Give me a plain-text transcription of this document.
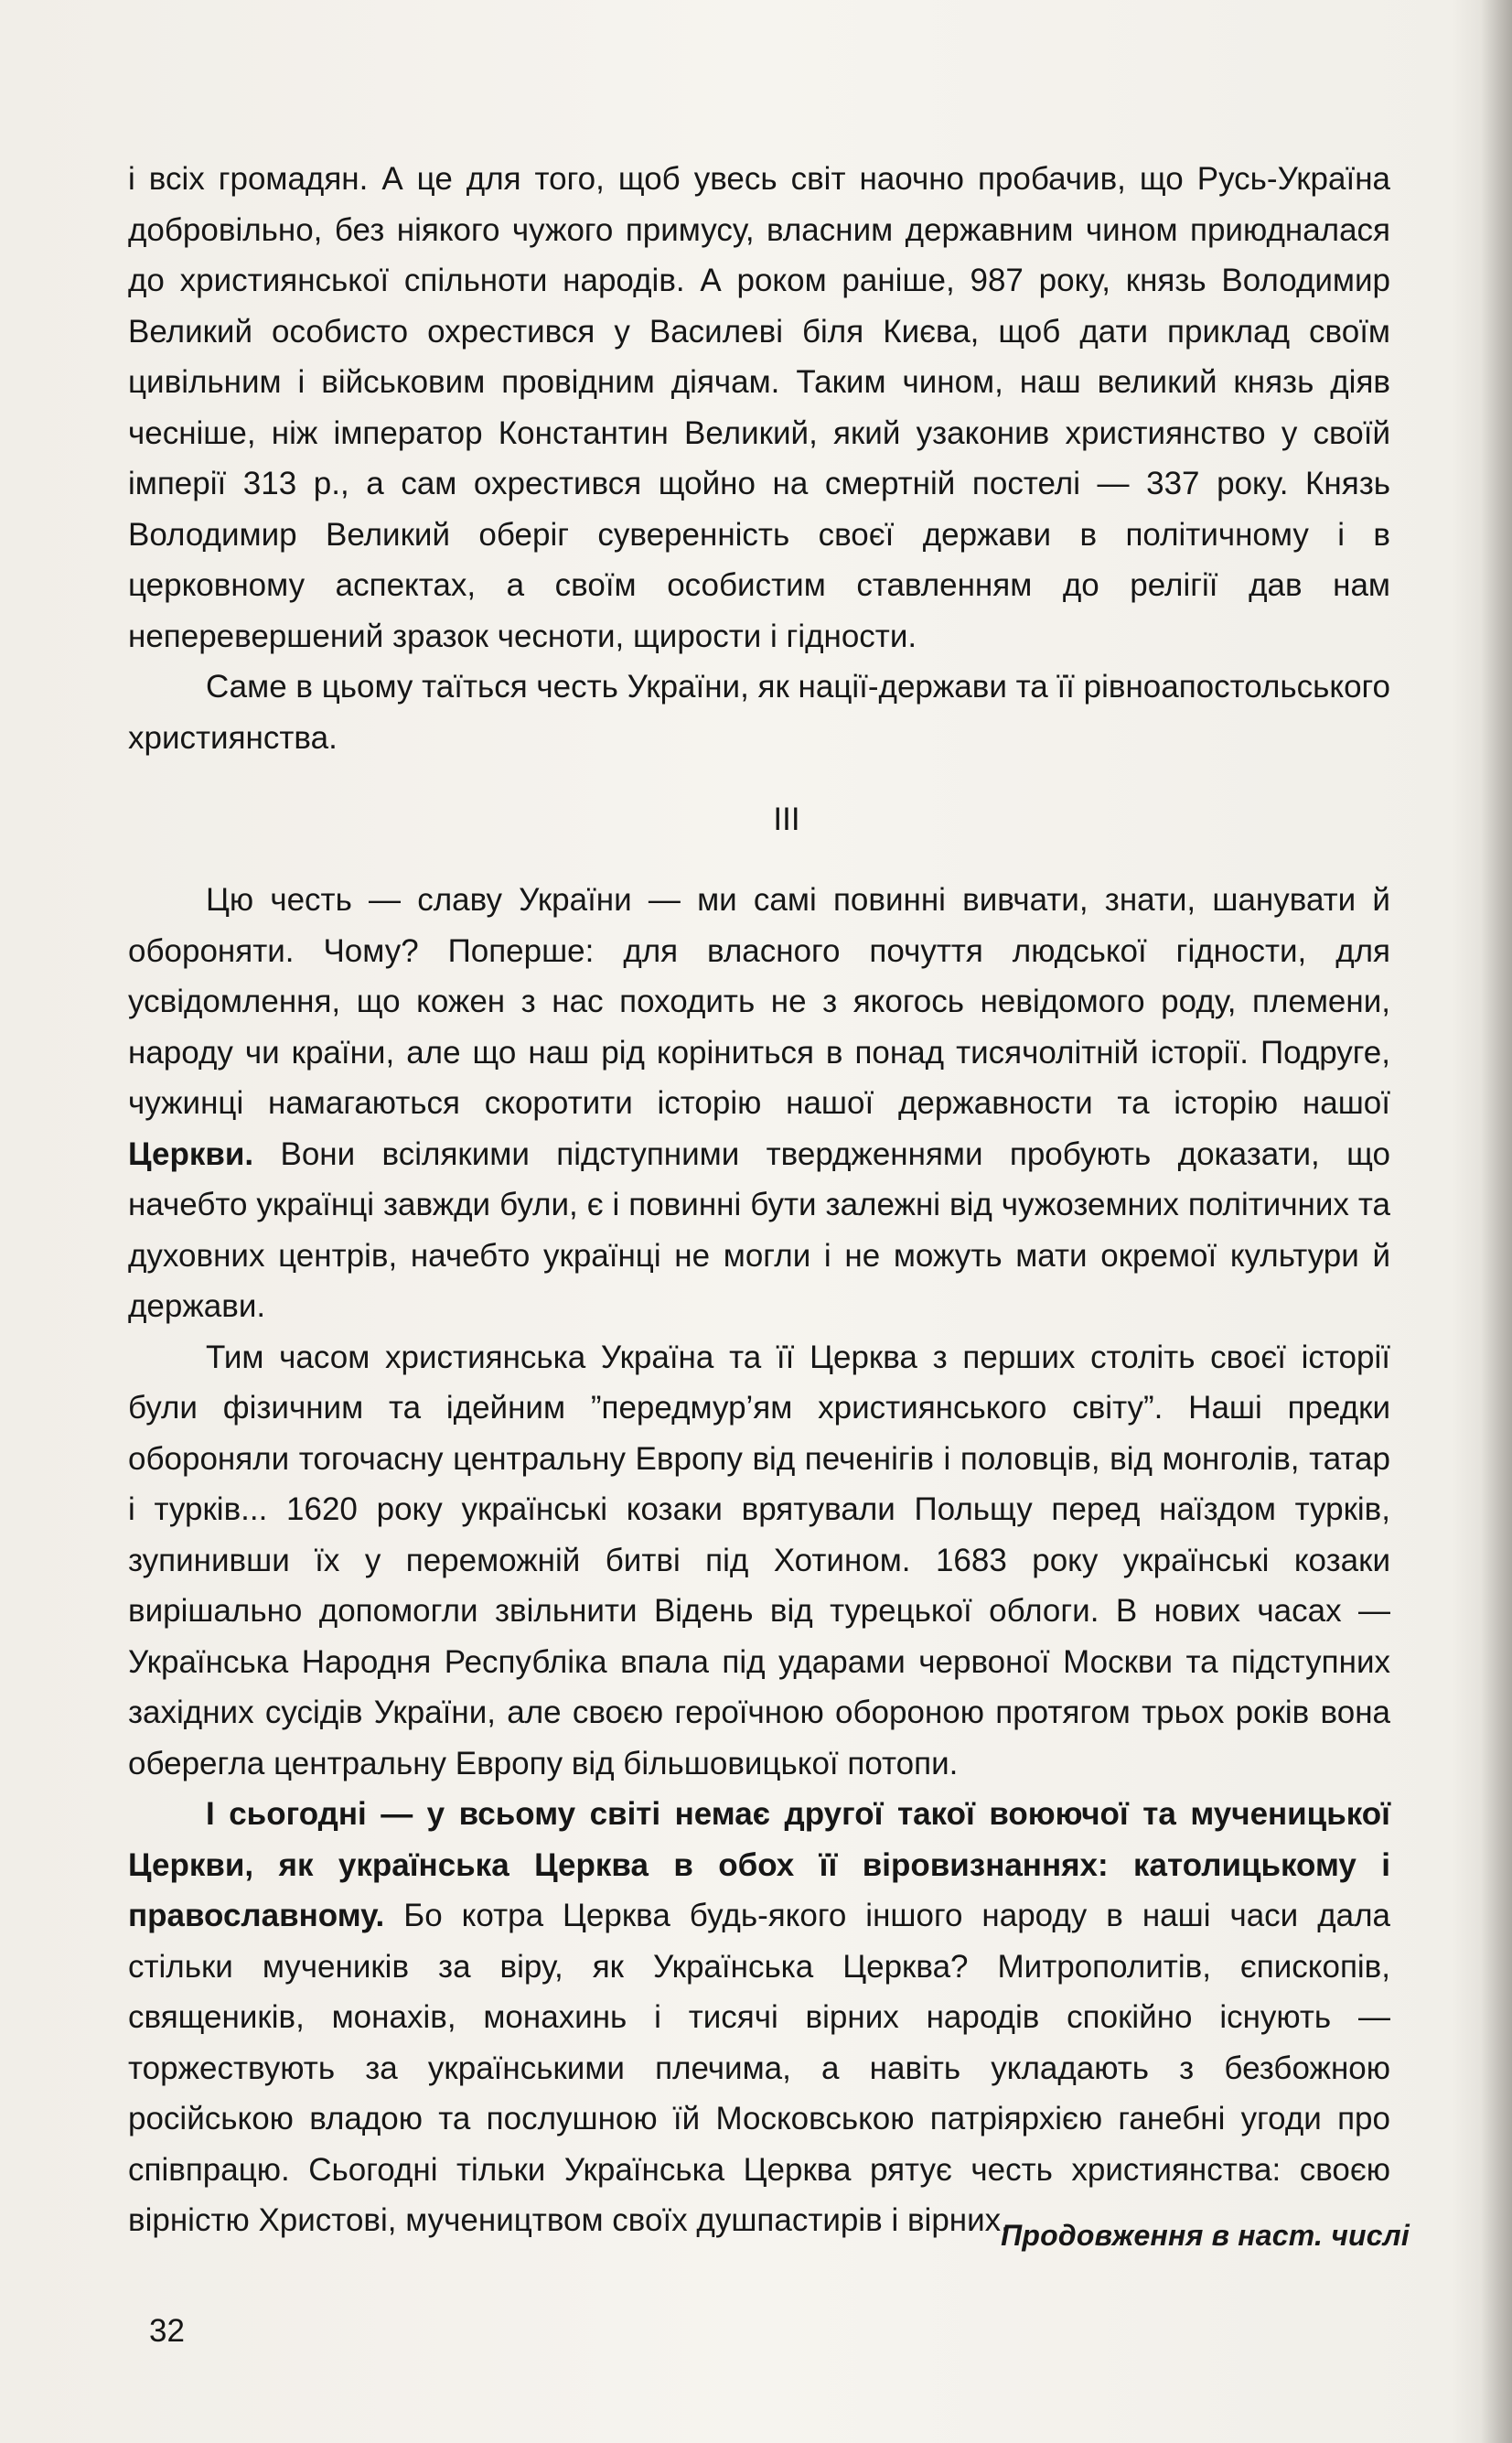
і всіх громадян. А це для того, щоб увесь світ наочно пробачив, що Русь-Україна добровільно, без ніякого чужого примусу, власним державним чином приюдналася до християнської спільноти народів. А роком раніше, 987 року, князь Володимир Великий особисто охрестився у Василеві біля Києва, щоб дати приклад своїм цивільним і військовим провідним діячам. Таким чином, наш великий князь діяв чесніше, ніж імператор Константин Великий, який узаконив християнство у своїй імперії 313 р., а сам охрестився щойно на смертній постелі — 337 року. Князь Володимир Великий оберіг суверенність своєї держави в політичному і в церковному аспектах, а своїм особистим ставленням до релігії дав нам неперевершений зразок чесноти, щирости і гідности.

Саме в цьому таїться честь України, як нації-держави та її рівноапостольського християнства.

III

Цю честь — славу України — ми самі повинні вивчати, знати, шанувати й обороняти. Чому? Поперше: для власного почуття людської гідности, для усвідомлення, що кожен з нас походить не з якогось невідомого роду, племени, народу чи країни, але що наш рід коріниться в понад тисячолітній історії. Подруге, чужинці намагаються скоротити історію нашої державности та історію нашої Церкви. Вони всілякими підступними твердженнями пробують доказати, що начебто українці завжди були, є і повинні бути залежні від чужоземних політичних та духовних центрів, начебто українці не могли і не можуть мати окремої культури й держави.

Тим часом християнська Україна та її Церква з перших століть своєї історії були фізичним та ідейним ”передмур’ям християнського світу”. Наші предки обороняли тогочасну центральну Европу від печенігів і половців, від монголів, татар і турків... 1620 року українські козаки врятували Польщу перед наїздом турків, зупинивши їх у переможній битві під Хотином. 1683 року українські козаки вирішально допомогли звільнити Відень від турецької облоги. В нових часах — Українська Народня Республіка впала під ударами червоної Москви та підступних західних сусідів України, але своєю героїчною обороною протягом трьох років вона оберегла центральну Европу від більшовицької потопи.

І сьогодні — у всьому світі немає другої такої воюючої та мученицької Церкви, як українська Церква в обох її віровизнаннях: католицькому і православному. Бо котра Церква будь-якого іншого народу в наші часи дала стільки мучеників за віру, як Українська Церква? Митрополитів, єпископів, священиків, монахів, монахинь і тисячі вірних народів спокійно існують — торжествують за українськими плечима, а навіть укладають з безбожною російською владою та послушною їй Московською патріярхією ганебні угоди про співпрацю. Сьогодні тільки Українська Церква рятує честь християнства: своєю вірністю Христові, мучеництвом своїх душпастирів і вірних.

Продовження в наст. числі
32
